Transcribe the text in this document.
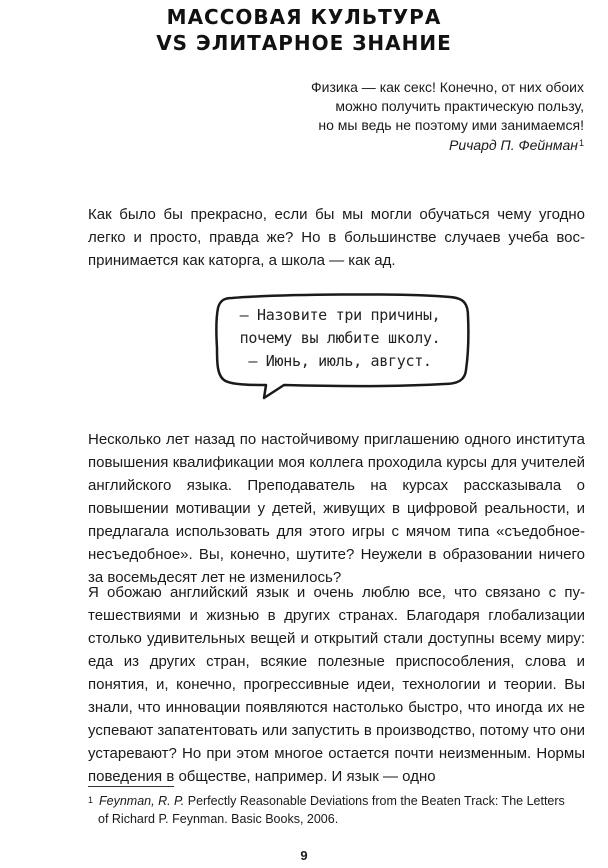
МАССОВАЯ КУЛЬТУРА
VS ЭЛИТАРНОЕ ЗНАНИЕ
Физика — как секс! Конечно, от них обоих
можно получить практическую пользу,
но мы ведь не поэтому ими занимаемся!
Ричард П. Фейнман$^1$

Как было бы прекрасно, если бы мы могли обучаться чему угодно легко и просто, правда же? Но в большинстве случаев учеба воспринимается как каторга, а школа — как ад.

– Назовите три причины,
почему вы любите школу.
– Июнь, июль, август.

Несколько лет назад по настойчивому приглашению одного института повышения квалификации моя коллега проходила курсы для учителей английского языка. Преподаватель на курсах рассказывала о повышении мотивации у детей, живущих в цифровой реальности, и предлагала использовать для этого игры с мячом типа «съедобное-несъедобное». Вы, конечно, шутите? Неужели в образовании ничего за восемьдесят лет не изменилось?

Я обожаю английский язык и очень люблю все, что связано с путешествиями и жизнью в других странах. Благодаря глобализации столько удивительных вещей и открытий стали доступны всему миру: еда из других стран, всякие полезные приспособления, слова и понятия, и, конечно, прогрессивные идеи, технологии и теории. Вы знали, что инновации появляются настолько быстро, что иногда их не успевают запатентовать или запустить в производство, потому что они устаревают? Но при этом многое остается почти неизменным. Нормы поведения в обществе, например. И язык — одно

$^1$ Feynman, R. P. Perfectly Reasonable Deviations from the Beaten Track: The Letters
of Richard P. Feynman. Basic Books, 2006.
9
